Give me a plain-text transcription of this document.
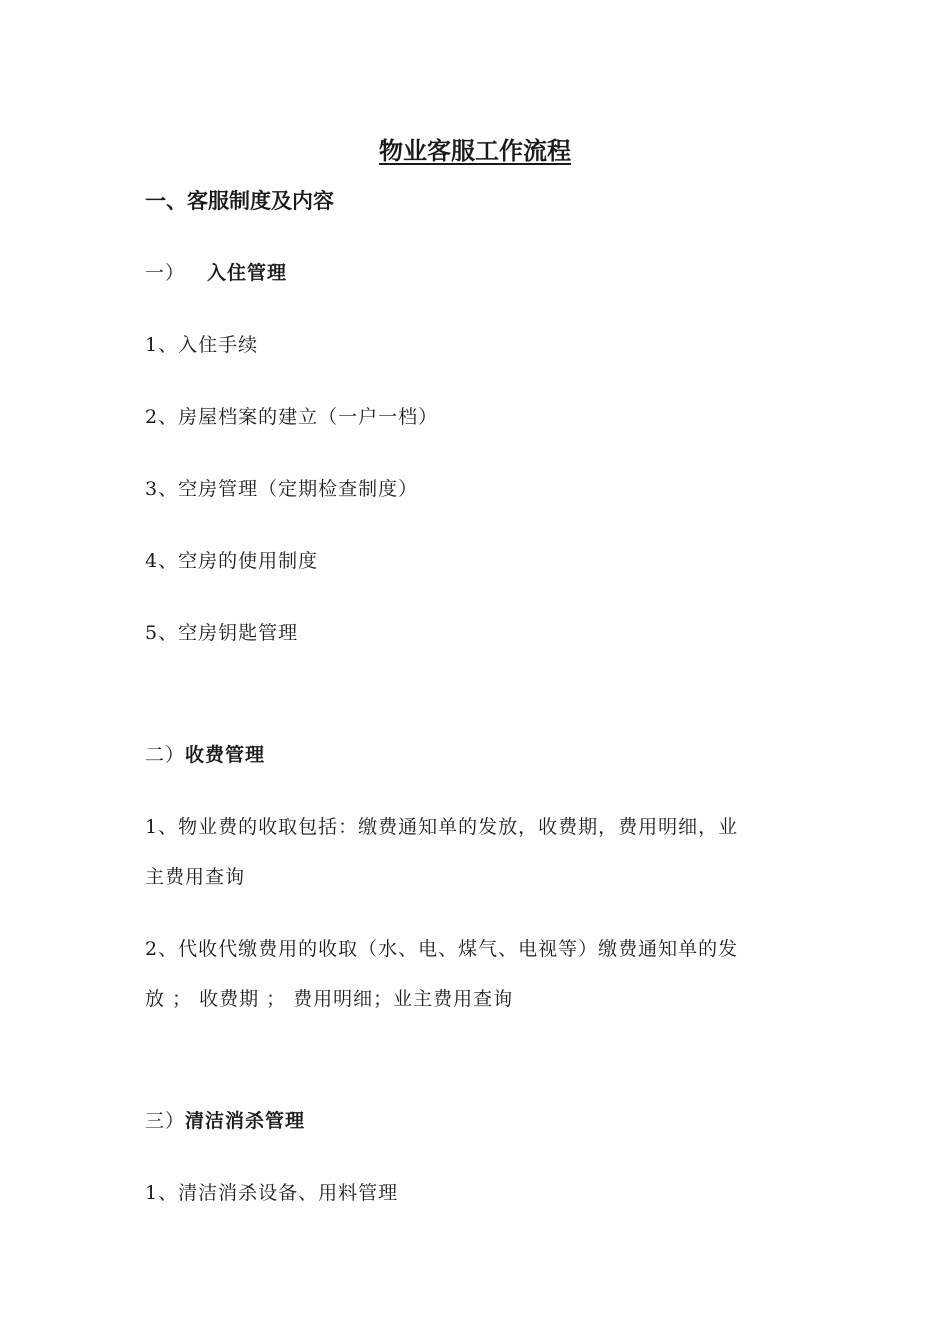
物业客服工作流程
一、客服制度及内容
一） 入住管理
1、入住手续
2、房屋档案的建立（一户一档）
3、空房管理（定期检查制度）
4、空房的使用制度
5、空房钥匙管理
二）收费管理
1、物业费的收取包括：缴费通知单的发放，收费期，费用明细，业
主费用查询
2、代收代缴费用的收取（水、电、煤气、电视等）缴费通知单的发
放 ； 收费期 ； 费用明细；业主费用查询
三）清洁消杀管理
1、清洁消杀设备、用料管理
